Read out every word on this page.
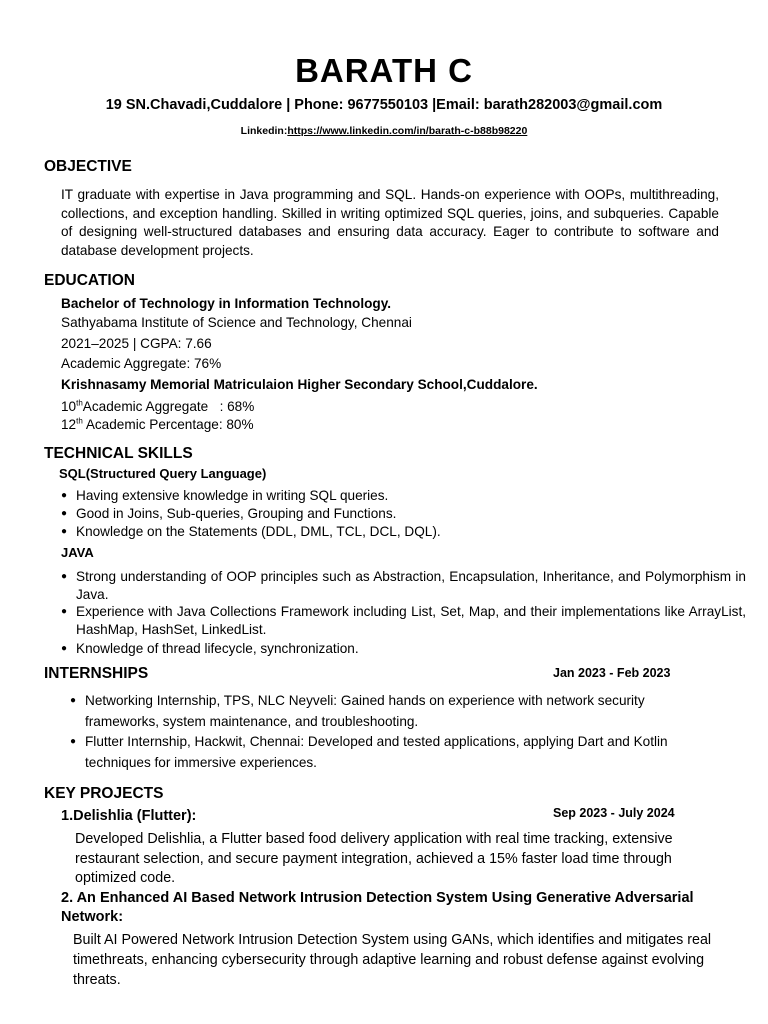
BARATH C
19 SN.Chavadi,Cuddalore | Phone: 9677550103 |Email: barath282003@gmail.com
Linkedin:https://www.linkedin.com/in/barath-c-b88b98220
OBJECTIVE
IT graduate with expertise in Java programming and SQL. Hands-on experience with OOPs, multithreading, collections, and exception handling. Skilled in writing optimized SQL queries, joins, and subqueries. Capable of designing well-structured databases and ensuring data accuracy. Eager to contribute to software and database development projects.
EDUCATION
Bachelor of Technology in Information Technology.
Sathyabama Institute of Science and Technology, Chennai
2021–2025 | CGPA: 7.66
Academic Aggregate: 76%
Krishnasamy Memorial Matriculaion Higher Secondary School,Cuddalore.
10thAcademic Aggregate   : 68%
12th Academic Percentage: 80%
TECHNICAL SKILLS
SQL(Structured Query Language)
● Having extensive knowledge in writing SQL queries.
● Good in Joins, Sub-queries, Grouping and Functions.
● Knowledge on the Statements (DDL, DML, TCL, DCL, DQL).
JAVA
● Strong understanding of OOP principles such as Abstraction, Encapsulation, Inheritance, and Polymorphism in Java.
● Experience with Java Collections Framework including List, Set, Map, and their implementations like ArrayList, HashMap, HashSet, LinkedList.
● Knowledge of thread lifecycle, synchronization.
INTERNSHIPS	Jan 2023 - Feb 2023
● Networking Internship, TPS, NLC Neyveli: Gained hands on experience with network security frameworks, system maintenance, and troubleshooting.
● Flutter Internship, Hackwit, Chennai: Developed and tested applications, applying Dart and Kotlin techniques for immersive experiences.
KEY PROJECTS
1.Delishlia (Flutter):	Sep 2023 - July 2024
Developed Delishlia, a Flutter based food delivery application with real time tracking, extensive restaurant selection, and secure payment integration, achieved a 15% faster load time through optimized code.
2. An Enhanced AI Based Network Intrusion Detection System Using Generative Adversarial Network:
Built AI Powered Network Intrusion Detection System using GANs, which identifies and mitigates real timethreats, enhancing cybersecurity through adaptive learning and robust defense against evolving threats.
